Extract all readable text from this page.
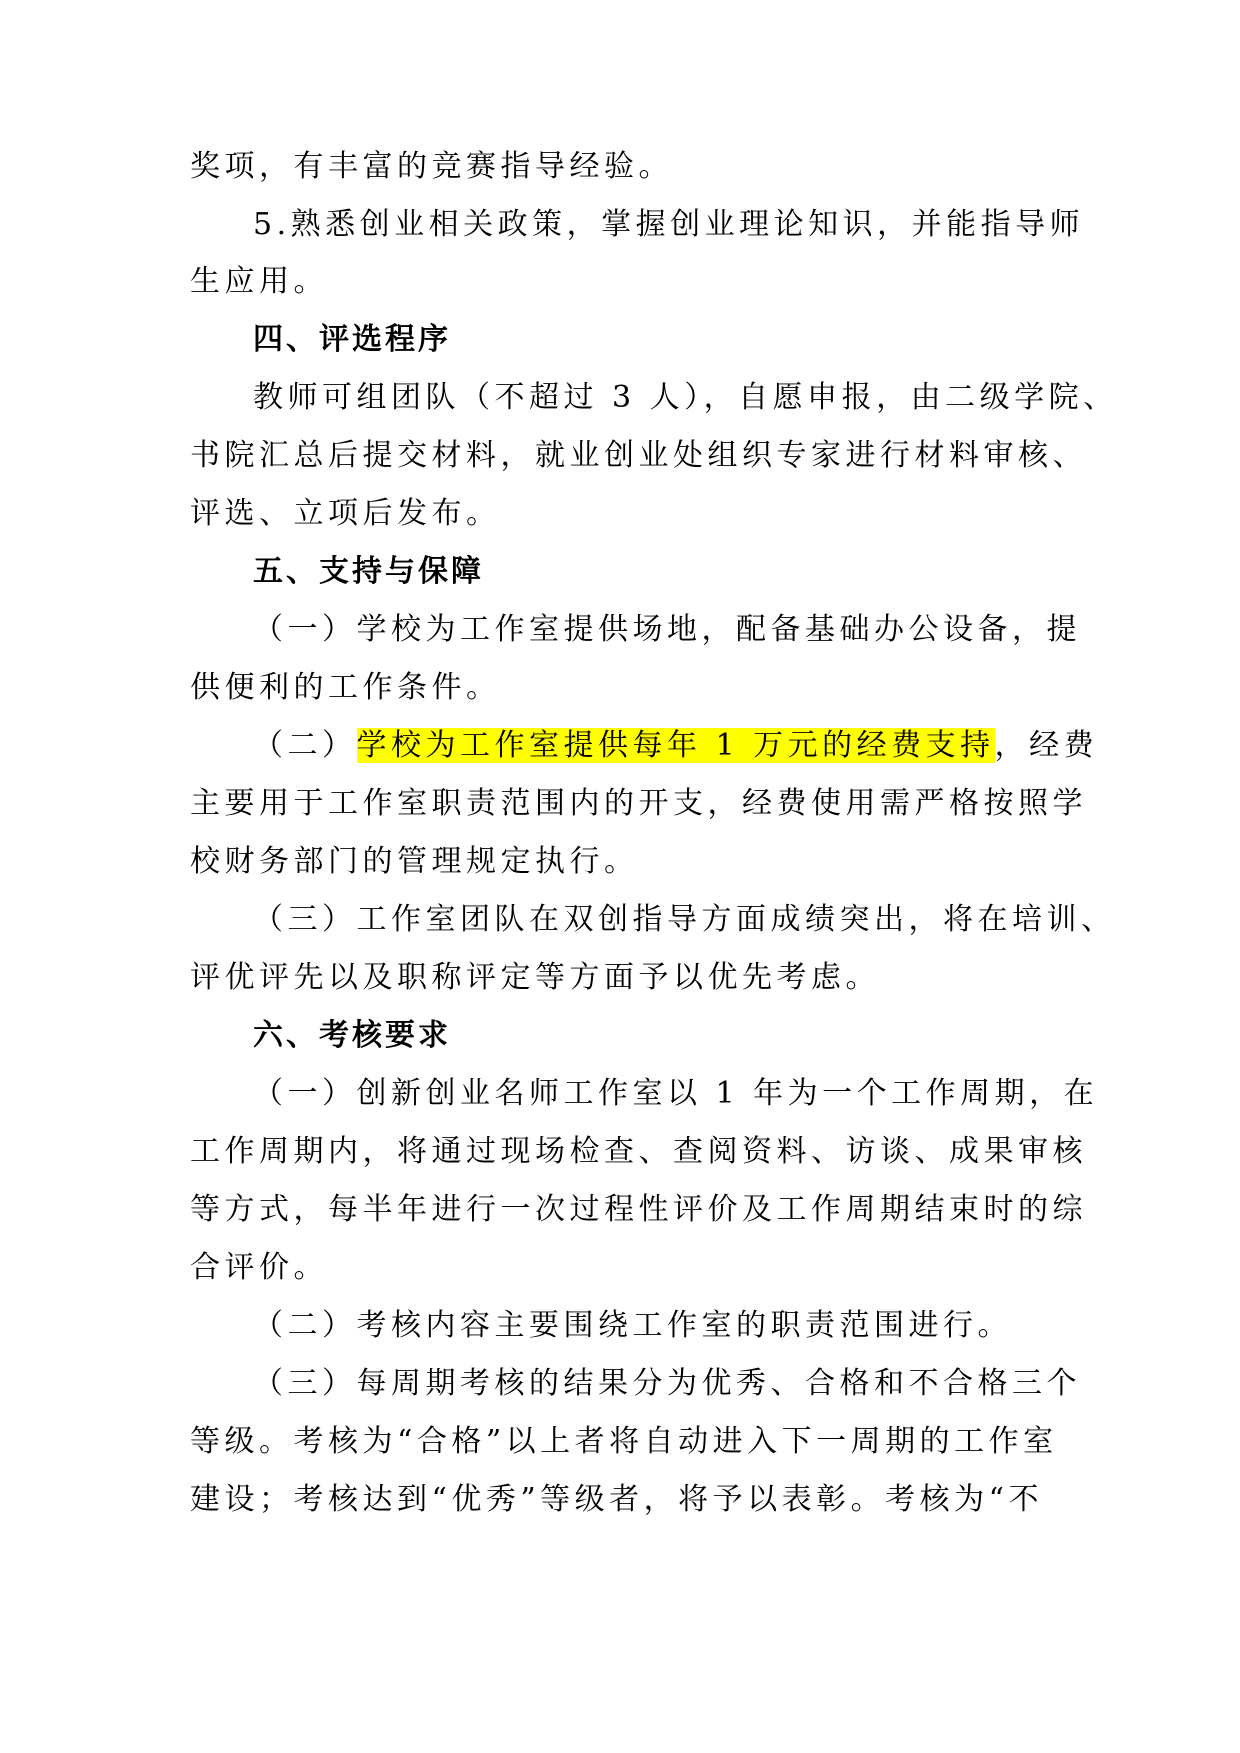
奖项，有丰富的竞赛指导经验。
5.熟悉创业相关政策，掌握创业理论知识，并能指导师
生应用。
四、评选程序
教师可组团队（不超过 3 人），自愿申报，由二级学院、
书院汇总后提交材料，就业创业处组织专家进行材料审核、
评选、立项后发布。
五、支持与保障
（一）学校为工作室提供场地，配备基础办公设备，提
供便利的工作条件。
（二）学校为工作室提供每年 1 万元的经费支持，经费
主要用于工作室职责范围内的开支，经费使用需严格按照学
校财务部门的管理规定执行。
（三）工作室团队在双创指导方面成绩突出，将在培训、
评优评先以及职称评定等方面予以优先考虑。
六、考核要求
（一）创新创业名师工作室以 1 年为一个工作周期，在
工作周期内，将通过现场检查、查阅资料、访谈、成果审核
等方式，每半年进行一次过程性评价及工作周期结束时的综
合评价。
（二）考核内容主要围绕工作室的职责范围进行。
（三）每周期考核的结果分为优秀、合格和不合格三个
等级。考核为“合格”以上者将自动进入下一周期的工作室
建设；考核达到“优秀”等级者，将予以表彰。考核为“不
